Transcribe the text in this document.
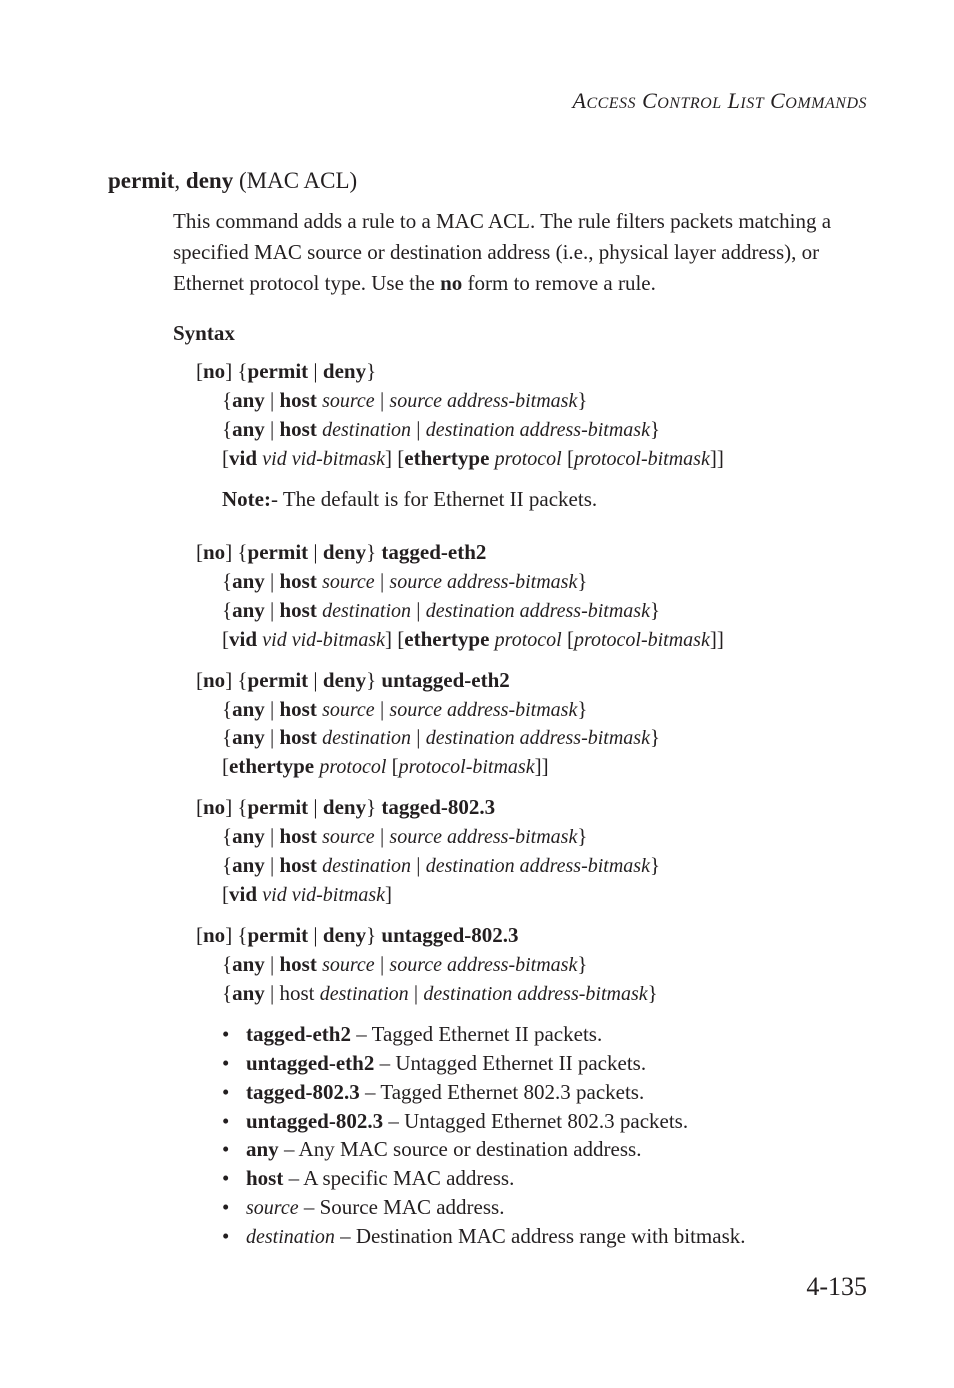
ACCESS CONTROL LIST COMMANDS
permit, deny (MAC ACL)
This command adds a rule to a MAC ACL. The rule filters packets matching a specified MAC source or destination address (i.e., physical layer address), or Ethernet protocol type. Use the no form to remove a rule.
Syntax
[no] {permit | deny}
{any | host source | source address-bitmask}
{any | host destination | destination address-bitmask}
[vid vid vid-bitmask] [ethertype protocol [protocol-bitmask]]
Note:- The default is for Ethernet II packets.
[no] {permit | deny} tagged-eth2
{any | host source | source address-bitmask}
{any | host destination | destination address-bitmask}
[vid vid vid-bitmask] [ethertype protocol [protocol-bitmask]]
[no] {permit | deny} untagged-eth2
{any | host source | source address-bitmask}
{any | host destination | destination address-bitmask}
[ethertype protocol [protocol-bitmask]]
[no] {permit | deny} tagged-802.3
{any | host source | source address-bitmask}
{any | host destination | destination address-bitmask}
[vid vid vid-bitmask]
[no] {permit | deny} untagged-802.3
{any | host source | source address-bitmask}
{any | host destination | destination address-bitmask}
• tagged-eth2 – Tagged Ethernet II packets.
• untagged-eth2 – Untagged Ethernet II packets.
• tagged-802.3 – Tagged Ethernet 802.3 packets.
• untagged-802.3 – Untagged Ethernet 802.3 packets.
• any – Any MAC source or destination address.
• host – A specific MAC address.
• source – Source MAC address.
• destination – Destination MAC address range with bitmask.
4-135
